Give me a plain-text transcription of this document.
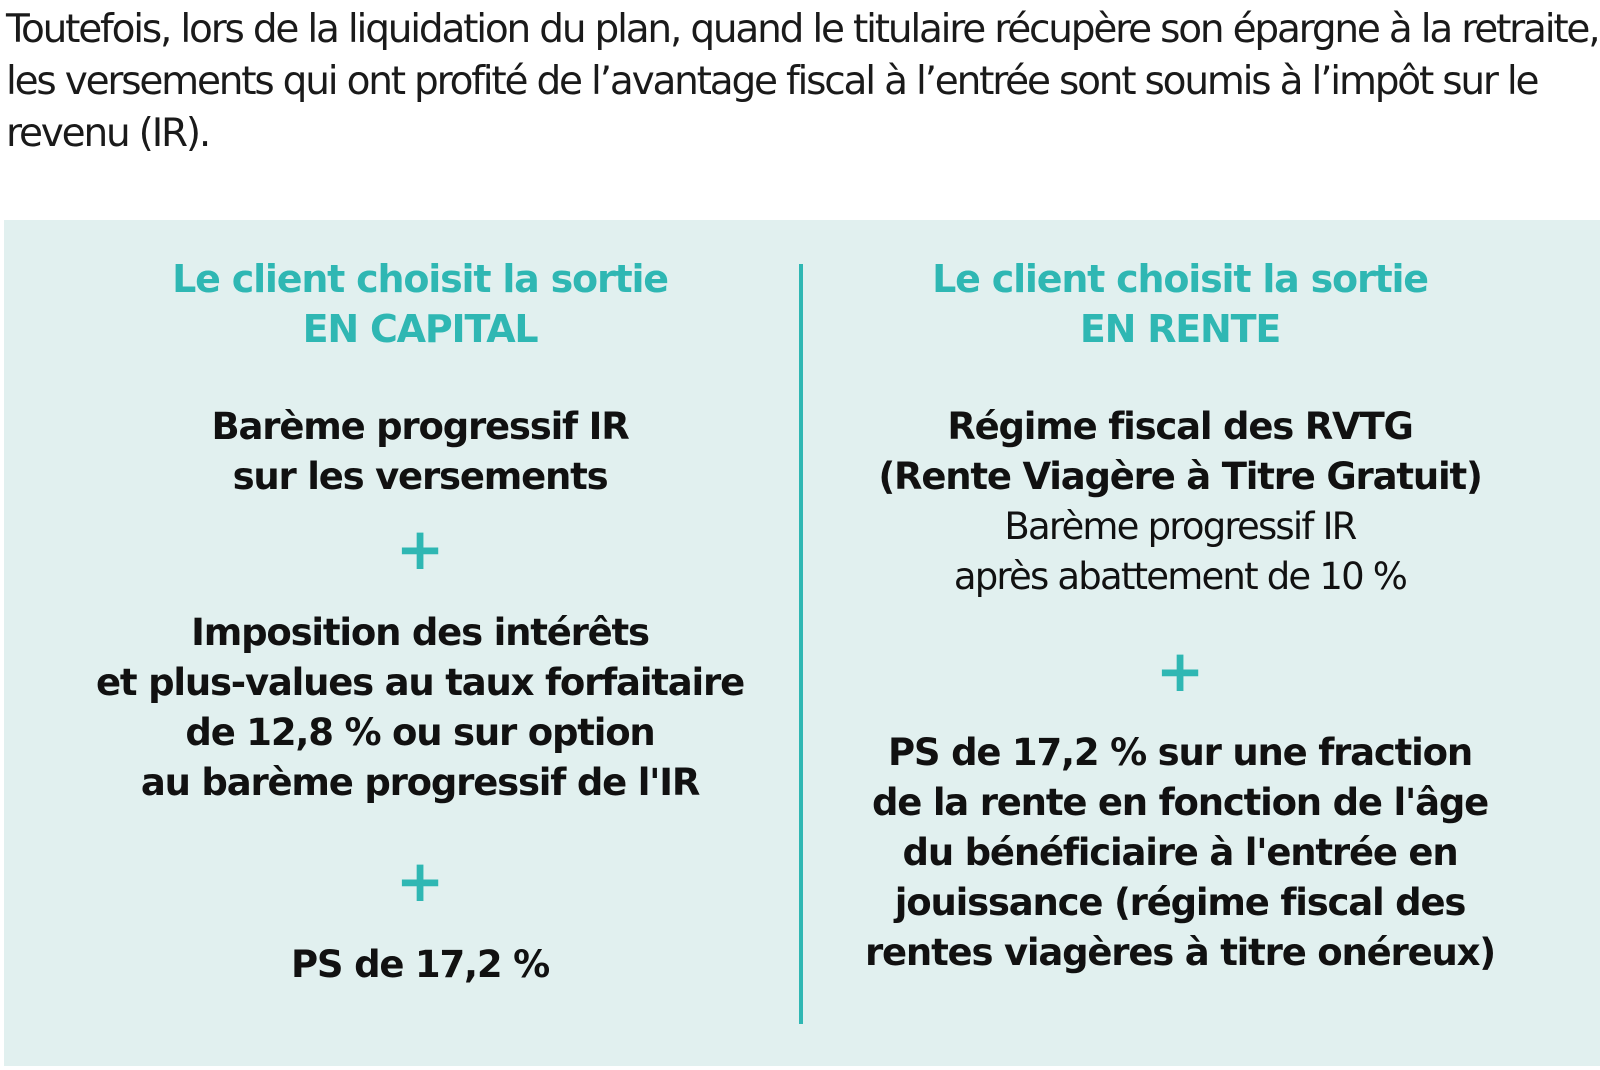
Toutefois, lors de la liquidation du plan, quand le titulaire récupère son épargne à la retraite,
les versements qui ont profité de l’avantage fiscal à l’entrée sont soumis à l’impôt sur le
revenu (IR).

Le client choisit la sortie
EN CAPITAL
Barème progressif IR
sur les versements
+
Imposition des intérêts
et plus-values au taux forfaitaire
de 12,8 % ou sur option
au barème progressif de l'IR
+
PS de 17,2 %
Le client choisit la sortie
EN RENTE
Régime fiscal des RVTG
(Rente Viagère à Titre Gratuit)
Barème progressif IR
après abattement de 10 %
+
PS de 17,2 % sur une fraction
de la rente en fonction de l'âge
du bénéficiaire à l'entrée en
jouissance (régime fiscal des
rentes viagères à titre onéreux)
